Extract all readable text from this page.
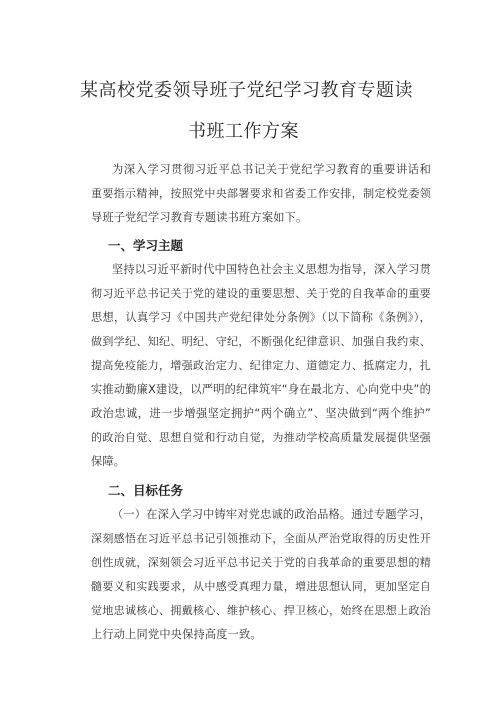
某高校党委领导班子党纪学习教育专题读
书班工作方案
为深入学习贯彻习近平总书记关于党纪学习教育的重要讲话和
重要指示精神，按照党中央部署要求和省委工作安排，制定校党委领
导班子党纪学习教育专题读书班方案如下。
一、学习主题
坚持以习近平新时代中国特色社会主义思想为指导，深入学习贯
彻习近平总书记关于党的建设的重要思想、关于党的自我革命的重要
思想，认真学习《中国共产党纪律处分条例》（以下简称《条例》），
做到学纪、知纪、明纪、守纪，不断强化纪律意识、加强自我约束、
提高免疫能力，增强政治定力、纪律定力、道德定力、抵腐定力，扎
实推动勤廉X建设，以严明的纪律筑牢“身在最北方、心向党中央”的
政治忠诚，进一步增强坚定拥护“两个确立”、坚决做到“两个维护”
的政治自觉、思想自觉和行动自觉，为推动学校高质量发展提供坚强
保障。
二、目标任务
（一）在深入学习中铸牢对党忠诚的政治品格。通过专题学习，
深刻感悟在习近平总书记引领推动下，全面从严治党取得的历史性开
创性成就，深刻领会习近平总书记关于党的自我革命的重要思想的精
髓要义和实践要求，从中感受真理力量，增进思想认同，更加坚定自
觉地忠诚核心、拥戴核心、维护核心、捍卫核心，始终在思想上政治
上行动上同党中央保持高度一致。
